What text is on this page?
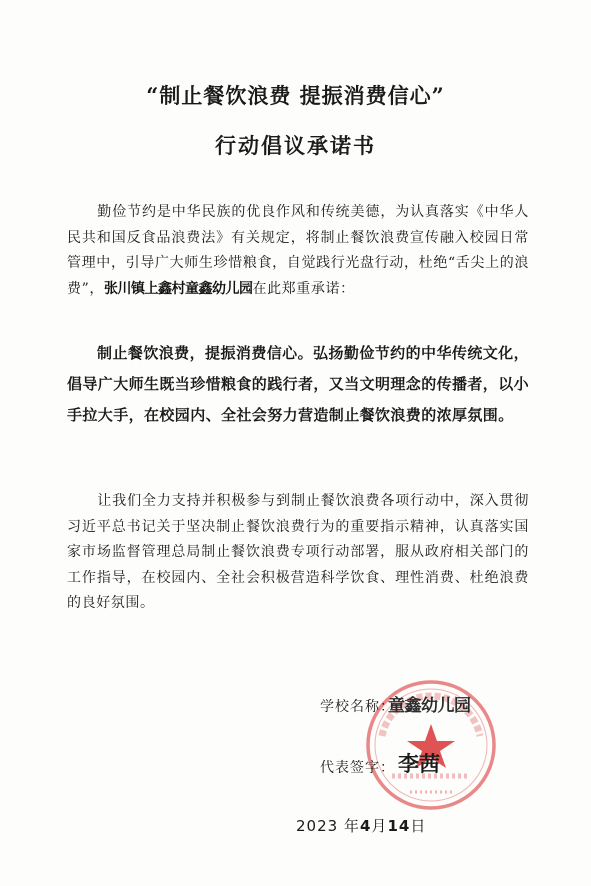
“制止餐饮浪费 提振消费信心”
行动倡议承诺书
勤俭节约是中华民族的优良作风和传统美德，为认真落实《中华人民共和国反食品浪费法》有关规定，将制止餐饮浪费宣传融入校园日常管理中，引导广大师生珍惜粮食，自觉践行光盘行动，杜绝“舌尖上的浪费”，张川镇上鑫村童鑫幼儿园在此郑重承诺：
制止餐饮浪费，提振消费信心。弘扬勤俭节约的中华传统文化，倡导广大师生既当珍惜粮食的践行者，又当文明理念的传播者，以小手拉大手，在校园内、全社会努力营造制止餐饮浪费的浓厚氛围。
让我们全力支持并积极参与到制止餐饮浪费各项行动中，深入贯彻习近平总书记关于坚决制止餐饮浪费行为的重要指示精神，认真落实国家市场监督管理总局制止餐饮浪费专项行动部署，服从政府相关部门的工作指导，在校园内、全社会积极营造科学饮食、理性消费、杜绝浪费的良好氛围。
学校名称：
童鑫幼儿园
代表签字： 李茜
2023 年4月14日
